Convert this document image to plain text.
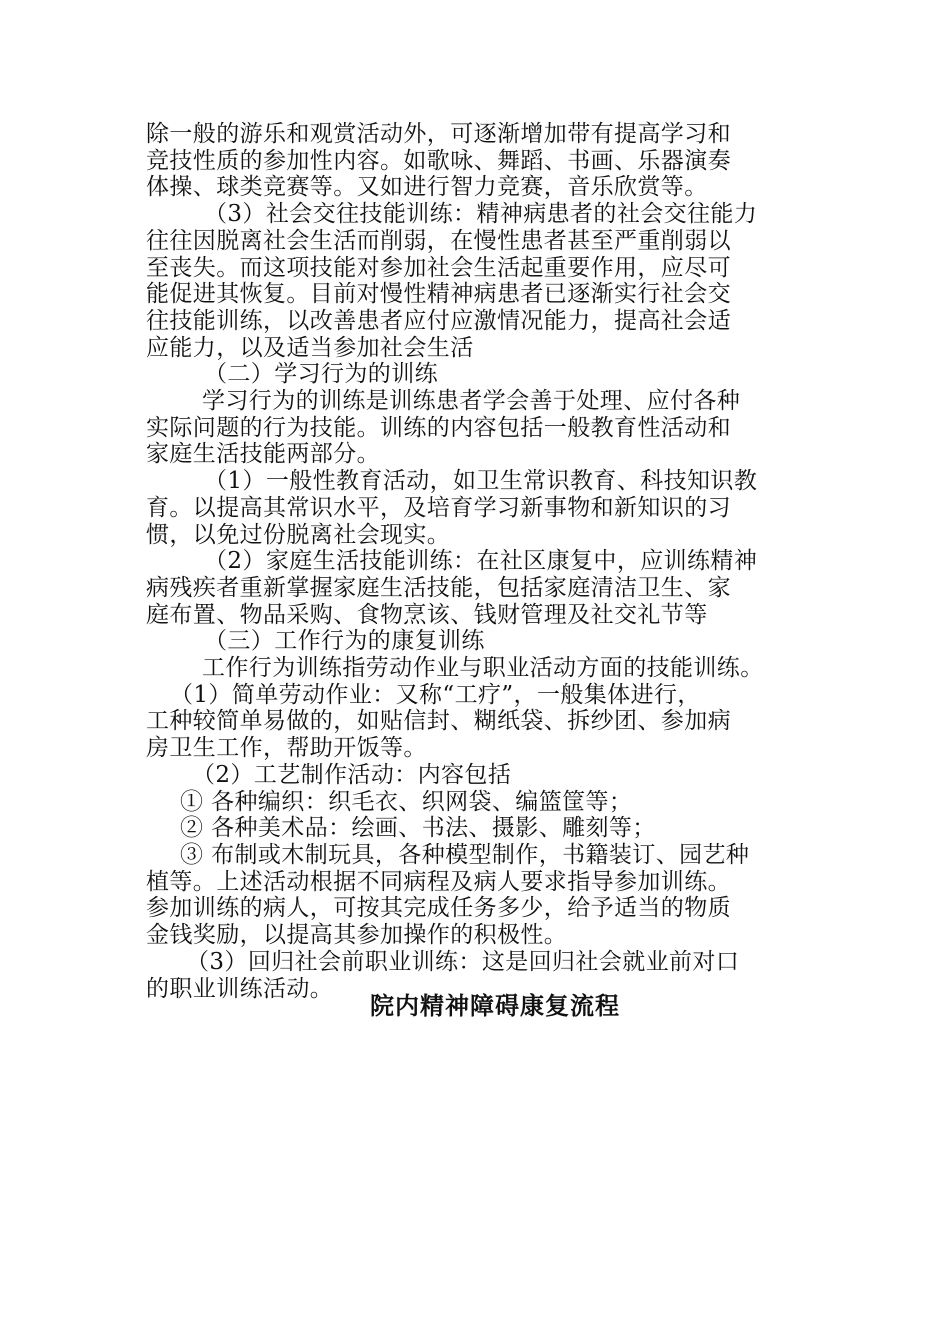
除一般的游乐和观赏活动外，可逐渐增加带有提高学习和
竞技性质的参加性内容。如歌咏、舞蹈、书画、乐器演奏
体操、球类竞赛等。又如进行智力竞赛，音乐欣赏等。
（3）社会交往技能训练：精神病患者的社会交往能力
往往因脱离社会生活而削弱，在慢性患者甚至严重削弱以
至丧失。而这项技能对参加社会生活起重要作用，应尽可
能促进其恢复。目前对慢性精神病患者已逐渐实行社会交
往技能训练，以改善患者应付应激情况能力，提高社会适
应能力，以及适当参加社会生活
（二）学习行为的训练
学习行为的训练是训练患者学会善于处理、应付各种
实际问题的行为技能。训练的内容包括一般教育性活动和
家庭生活技能两部分。
（1）一般性教育活动，如卫生常识教育、科技知识教
育。以提高其常识水平，及培育学习新事物和新知识的习
惯，以免过份脱离社会现实。
（2）家庭生活技能训练：在社区康复中，应训练精神
病残疾者重新掌握家庭生活技能，包括家庭清洁卫生、家
庭布置、物品采购、食物烹该、钱财管理及社交礼节等
（三）工作行为的康复训练
工作行为训练指劳动作业与职业活动方面的技能训练。
（1）简单劳动作业：又称“工疗”，一般集体进行，
工种较简单易做的，如贴信封、糊纸袋、拆纱团、参加病
房卫生工作，帮助开饭等。
（2）工艺制作活动：内容包括
① 各种编织：织毛衣、织网袋、编篮筐等；
② 各种美术品：绘画、书法、摄影、雕刻等；
③ 布制或木制玩具，各种模型制作，书籍装订、园艺种
植等。上述活动根据不同病程及病人要求指导参加训练。
参加训练的病人，可按其完成任务多少，给予适当的物质
金钱奖励，以提高其参加操作的积极性。
（3）回归社会前职业训练：这是回归社会就业前对口
的职业训练活动。
院内精神障碍康复流程
